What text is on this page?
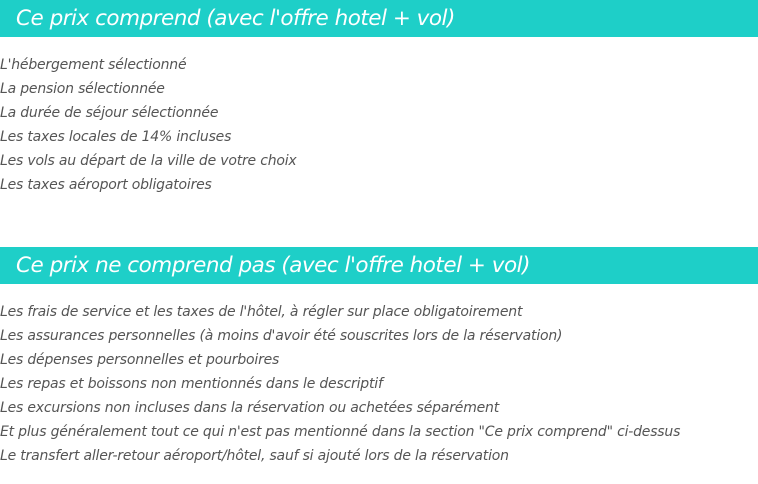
Ce prix comprend (avec l'offre hotel + vol)
L'hébergement sélectionné
La pension sélectionnée
La durée de séjour sélectionnée
Les taxes locales de 14% incluses
Les vols au départ de la ville de votre choix
Les taxes aéroport obligatoires
Ce prix ne comprend pas (avec l'offre hotel + vol)
Les frais de service et les taxes de l'hôtel, à régler sur place obligatoirement
Les assurances personnelles (à moins d'avoir été souscrites lors de la réservation)
Les dépenses personnelles et pourboires
Les repas et boissons non mentionnés dans le descriptif
Les excursions non incluses dans la réservation ou achetées séparément
Et plus généralement tout ce qui n'est pas mentionné dans la section "Ce prix comprend" ci-dessus
Le transfert aller-retour aéroport/hôtel, sauf si ajouté lors de la réservation
